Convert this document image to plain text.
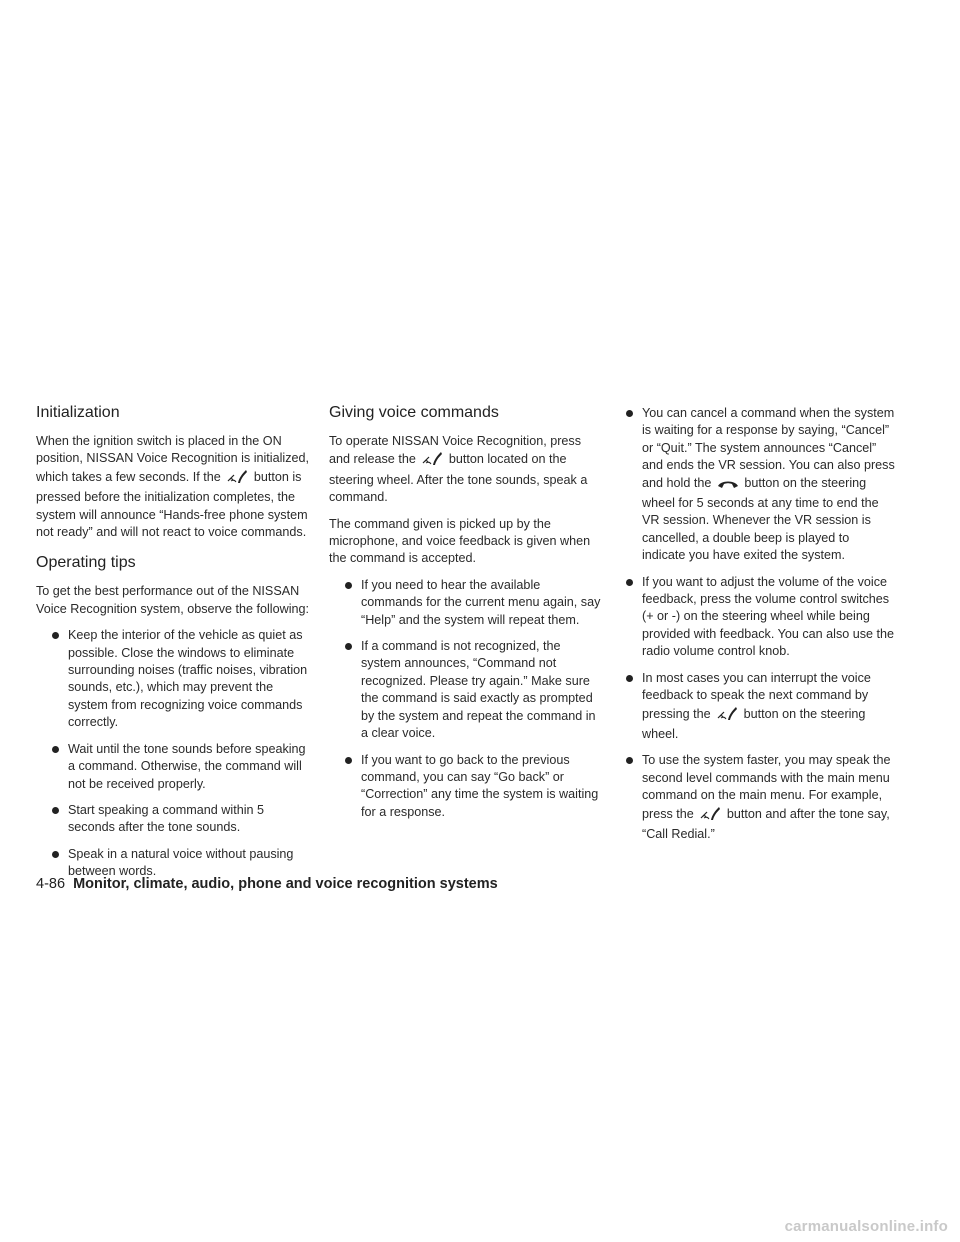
Initialization

When the ignition switch is placed in the ON position, NISSAN Voice Recognition is initialized, which takes a few seconds. If the	button is pressed before the initialization completes, the system will announce “Hands-free phone system not ready” and will not react to voice commands.

Operating tips

To get the best performance out of the NISSAN Voice Recognition system, observe the following:

Keep the interior of the vehicle as quiet as possible. Close the windows to eliminate surrounding noises (traffic noises, vibration sounds, etc.), which may prevent the system from recognizing voice commands correctly.
Wait until the tone sounds before speaking a command. Otherwise, the command will not be received properly.
Start speaking a command within 5 seconds after the tone sounds.
Speak in a natural voice without pausing between words.
Giving voice commands

To operate NISSAN Voice Recognition, press and release the	button located on the steering wheel. After the tone sounds, speak a command.

The command given is picked up by the microphone, and voice feedback is given when the command is accepted.

If you need to hear the available commands for the current menu again, say “Help” and the system will repeat them.
If a command is not recognized, the system announces, “Command not recognized. Please try again.” Make sure the command is said exactly as prompted by the system and repeat the command in a clear voice.
If you want to go back to the previous command, you can say “Go back” or “Correction” any time the system is waiting for a response.
You can cancel a command when the system is waiting for a response by saying, “Cancel” or “Quit.” The system announces “Cancel” and ends the VR session. You can also press and hold the	button on the steering wheel for 5 seconds at any time to end the VR session. Whenever the VR session is cancelled, a double beep is played to indicate you have exited the system.
If you want to adjust the volume of the voice feedback, press the volume control switches (+ or -) on the steering wheel while being provided with feedback. You can also use the radio volume control knob.
In most cases you can interrupt the voice feedback to speak the next command by pressing the	button on the steering wheel.
To use the system faster, you may speak the second level commands with the main menu command on the main menu. For example, press the	button and after the tone say, “Call Redial.”
4-86 Monitor, climate, audio, phone and voice recognition systems
carmanualsonline.info
